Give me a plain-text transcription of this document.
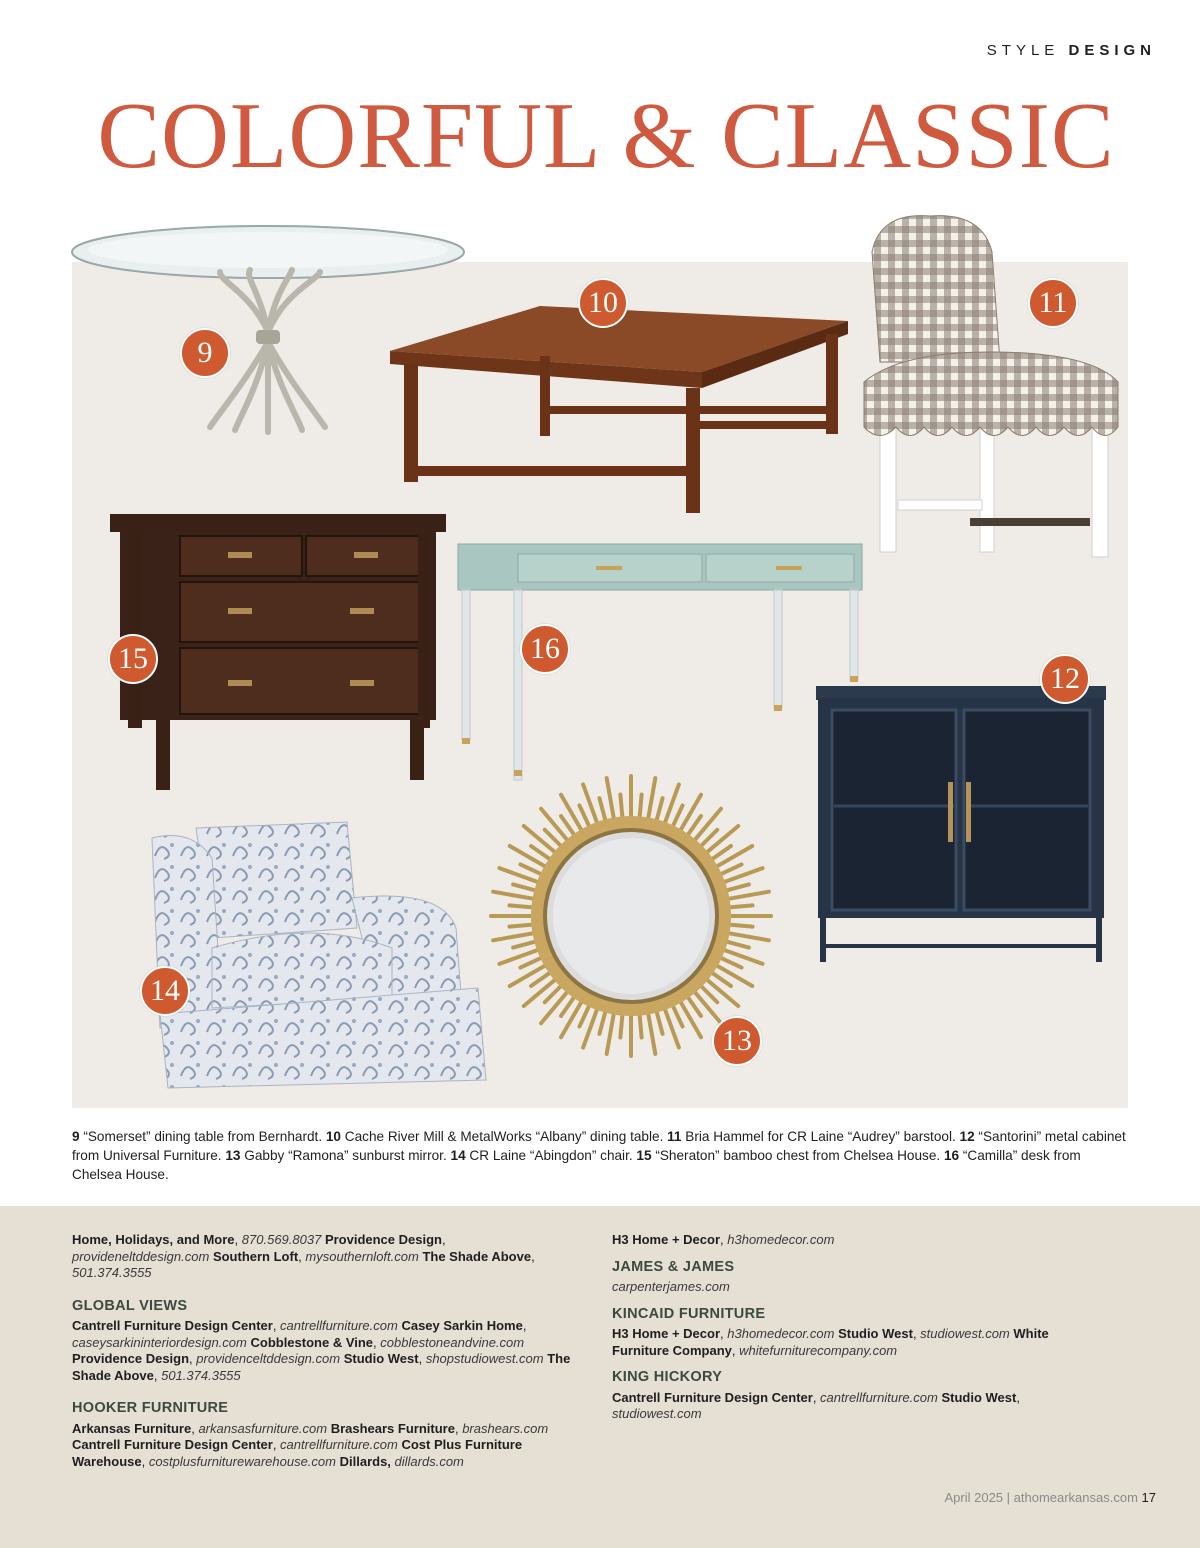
STYLE DESIGN
COLORFUL & CLASSIC
9
10	11
12
13
14
15	16
9 “Somerset” dining table from Bernhardt. 10 Cache River Mill & MetalWorks “Albany” dining table. 11 Bria Hammel for CR Laine “Audrey” barstool. 12 “Santorini” metal cabinet from Universal Furniture. 13 Gabby “Ramona” sunburst mirror. 14 CR Laine “Abingdon” chair. 15 “Sheraton” bamboo chest from Chelsea House. 16 “Camilla” desk from Chelsea House.

Home, Holidays, and More, 870.569.8037 Providence Design, provideneltddesign.com Southern Loft, mysouthernloft.com The Shade Above, 501.374.3555

GLOBAL VIEWS

Cantrell Furniture Design Center, cantrellfurniture.com Casey Sarkin Home, caseysarkininteriordesign.com Cobblestone & Vine, cobblestoneandvine.com Providence Design, providenceltddesign.com Studio West, shopstudiowest.com The Shade Above, 501.374.3555

HOOKER FURNITURE

Arkansas Furniture, arkansasfurniture.com Brashears Furniture, brashears.com Cantrell Furniture Design Center, cantrellfurniture.com Cost Plus Furniture Warehouse, costplusfurniturewarehouse.com Dillards, dillards.com

H3 Home + Decor, h3homedecor.com

JAMES & JAMES

carpenterjames.com

KINCAID FURNITURE

H3 Home + Decor, h3homedecor.com Studio West, studiowest.com White Furniture Company, whitefurniturecompany.com

KING HICKORY

Cantrell Furniture Design Center, cantrellfurniture.com Studio West, studiowest.com

April 2025 | athomearkansas.com 17
